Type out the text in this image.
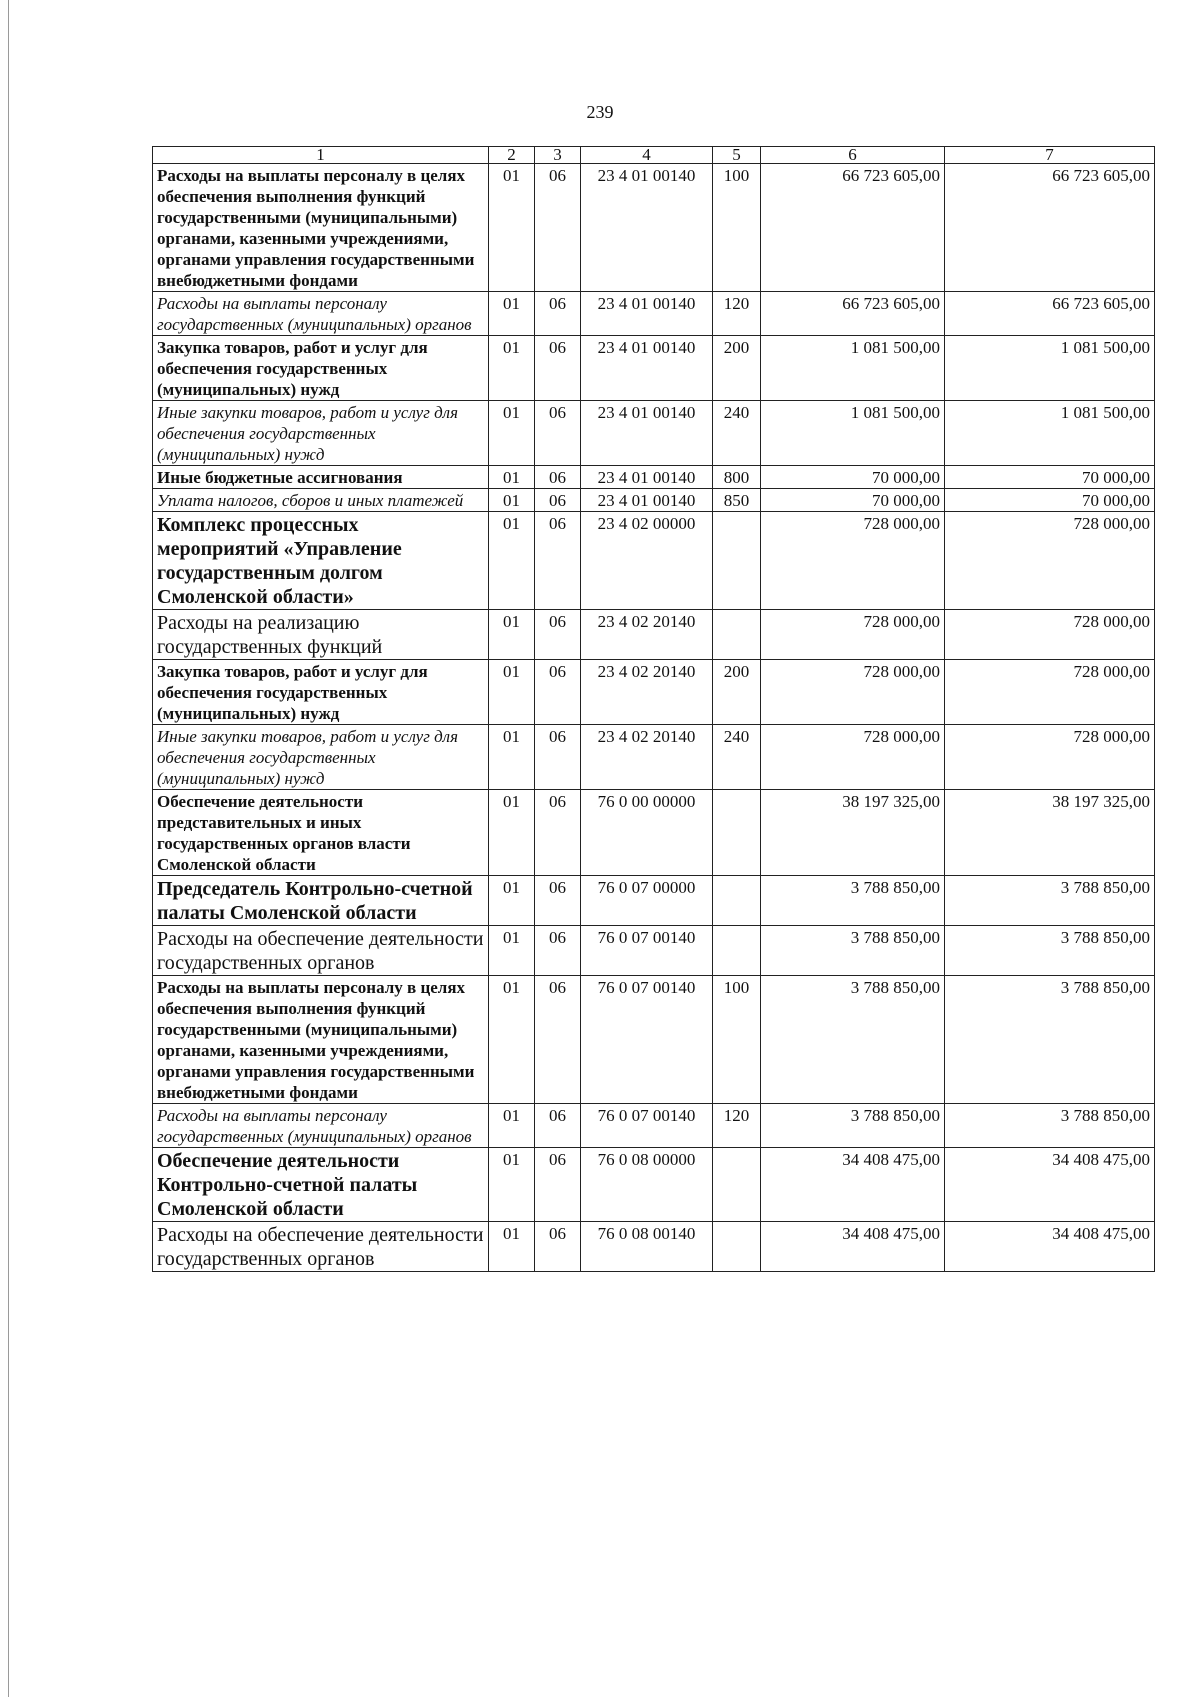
239
1	2	3	4	5	6	7
Расходы на выплаты персоналу в целях обеспечения выполнения функций государственными (муниципальными) органами, казенными учреждениями, органами управления государственными внебюджетными фондами	01	06	23 4 01 00140	100	66 723 605,00	66 723 605,00
Расходы на выплаты персоналу государственных (муниципальных) органов	01	06	23 4 01 00140	120	66 723 605,00	66 723 605,00
Закупка товаров, работ и услуг для обеспечения государственных (муниципальных) нужд	01	06	23 4 01 00140	200	1 081 500,00	1 081 500,00
Иные закупки товаров, работ и услуг для обеспечения государственных (муниципальных) нужд	01	06	23 4 01 00140	240	1 081 500,00	1 081 500,00
Иные бюджетные ассигнования	01	06	23 4 01 00140	800	70 000,00	70 000,00
Уплата налогов, сборов и иных платежей	01	06	23 4 01 00140	850	70 000,00	70 000,00
Комплекс процессных мероприятий «Управление государственным долгом Смоленской области»	01	06	23 4 02 00000		728 000,00	728 000,00
Расходы на реализацию государственных функций	01	06	23 4 02 20140		728 000,00	728 000,00
Закупка товаров, работ и услуг для обеспечения государственных (муниципальных) нужд	01	06	23 4 02 20140	200	728 000,00	728 000,00
Иные закупки товаров, работ и услуг для обеспечения государственных (муниципальных) нужд	01	06	23 4 02 20140	240	728 000,00	728 000,00
Обеспечение деятельности представительных и иных государственных органов власти Смоленской области	01	06	76 0 00 00000		38 197 325,00	38 197 325,00
Председатель Контрольно-счетной палаты Смоленской области	01	06	76 0 07 00000		3 788 850,00	3 788 850,00
Расходы на обеспечение деятельности государственных органов	01	06	76 0 07 00140		3 788 850,00	3 788 850,00
Расходы на выплаты персоналу в целях обеспечения выполнения функций государственными (муниципальными) органами, казенными учреждениями, органами управления государственными внебюджетными фондами	01	06	76 0 07 00140	100	3 788 850,00	3 788 850,00
Расходы на выплаты персоналу государственных (муниципальных) органов	01	06	76 0 07 00140	120	3 788 850,00	3 788 850,00
Обеспечение деятельности Контрольно-счетной палаты Смоленской области	01	06	76 0 08 00000		34 408 475,00	34 408 475,00
Расходы на обеспечение деятельности государственных органов	01	06	76 0 08 00140		34 408 475,00	34 408 475,00
